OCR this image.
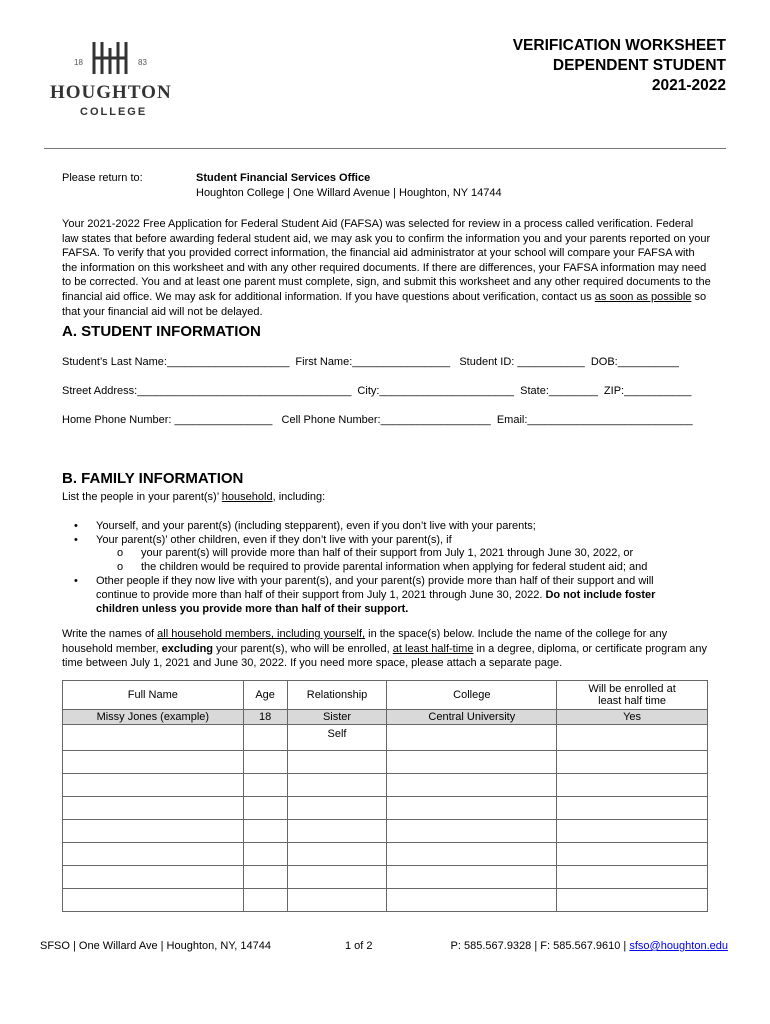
18	83
HOUGHTON
COLLEGE
VERIFICATION WORKSHEET
DEPENDENT STUDENT
2021-2022
Please return to:	Student Financial Services Office
Houghton College | One Willard Avenue | Houghton, NY 14744
Your 2021-2022 Free Application for Federal Student Aid (FAFSA) was selected for review in a process called verification. Federal law states that before awarding federal student aid, we may ask you to confirm the information you and your parents reported on your FAFSA. To verify that you provided correct information, the financial aid administrator at your school will compare your FAFSA with the information on this worksheet and with any other required documents. If there are differences, your FAFSA information may need to be corrected. You and at least one parent must complete, sign, and submit this worksheet and any other required documents to the financial aid office. We may ask for additional information. If you have questions about verification, contact us as soon as possible so that your financial aid will not be delayed.
A. STUDENT INFORMATION
Student’s Last Name:____________________  First Name:________________   Student ID: ___________  DOB:__________
Street Address:___________________________________  City:______________________  State:________  ZIP:___________
Home Phone Number: ________________   Cell Phone Number:__________________  Email:___________________________
B. FAMILY INFORMATION
List the people in your parent(s)’ household, including:
• Yourself, and your parent(s) (including stepparent), even if you don’t live with your parents;
• Your parent(s)’ other children, even if they don’t live with your parent(s), if
o your parent(s) will provide more than half of their support from July 1, 2021 through June 30, 2022, or
o the children would be required to provide parental information when applying for federal student aid; and
• Other people if they now live with your parent(s), and your parent(s) provide more than half of their support and will continue to provide more than half of their support from July 1, 2021 through June 30, 2022. Do not include foster children unless you provide more than half of their support.
Write the names of all household members, including yourself, in the space(s) below. Include the name of the college for any household member, excluding your parent(s), who will be enrolled, at least half-time in a degree, diploma, or certificate program any time between July 1, 2021 and June 30, 2022. If you need more space, please attach a separate page.
Full Name	Age	Relationship	College	Will be enrolled at least half time
Missy Jones (example)	18	Sister	Central University	Yes
		Self		

SFSO | One Willard Ave | Houghton, NY, 14744	1 of 2	P: 585.567.9328 | F: 585.567.9610 | sfso@houghton.edu
